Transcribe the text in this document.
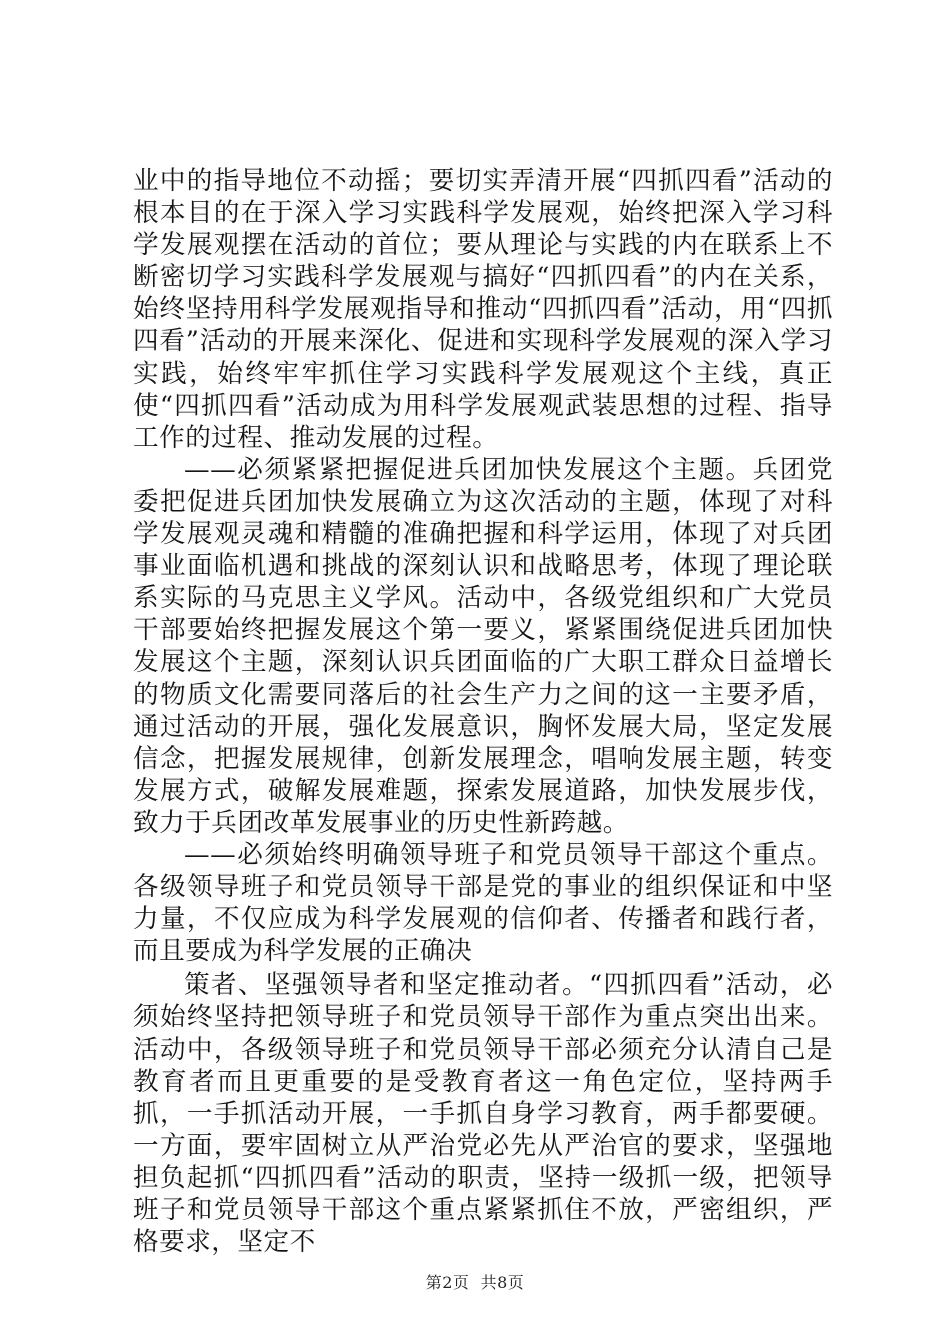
业中的指导地位不动摇；要切实弄清开展“四抓四看”活动的根本目的在于深入学习实践科学发展观，始终把深入学习科学发展观摆在活动的首位；要从理论与实践的内在联系上不断密切学习实践科学发展观与搞好“四抓四看”的内在关系，始终坚持用科学发展观指导和推动“四抓四看”活动，用“四抓四看”活动的开展来深化、促进和实现科学发展观的深入学习实践，始终牢牢抓住学习实践科学发展观这个主线，真正使“四抓四看”活动成为用科学发展观武装思想的过程、指导工作的过程、推动发展的过程。

——必须紧紧把握促进兵团加快发展这个主题。兵团党委把促进兵团加快发展确立为这次活动的主题，体现了对科学发展观灵魂和精髓的准确把握和科学运用，体现了对兵团事业面临机遇和挑战的深刻认识和战略思考，体现了理论联系实际的马克思主义学风。活动中，各级党组织和广大党员干部要始终把握发展这个第一要义，紧紧围绕促进兵团加快发展这个主题，深刻认识兵团面临的广大职工群众日益增长的物质文化需要同落后的社会生产力之间的这一主要矛盾，通过活动的开展，强化发展意识，胸怀发展大局，坚定发展信念，把握发展规律，创新发展理念，唱响发展主题，转变发展方式，破解发展难题，探索发展道路，加快发展步伐，致力于兵团改革发展事业的历史性新跨越。

——必须始终明确领导班子和党员领导干部这个重点。各级领导班子和党员领导干部是党的事业的组织保证和中坚力量，不仅应成为科学发展观的信仰者、传播者和践行者，而且要成为科学发展的正确决

策者、坚强领导者和坚定推动者。“四抓四看”活动，必须始终坚持把领导班子和党员领导干部作为重点突出出来。活动中，各级领导班子和党员领导干部必须充分认清自己是教育者而且更重要的是受教育者这一角色定位，坚持两手抓，一手抓活动开展，一手抓自身学习教育，两手都要硬。一方面，要牢固树立从严治党必先从严治官的要求，坚强地担负起抓“四抓四看”活动的职责，坚持一级抓一级，把领导班子和党员领导干部这个重点紧紧抓住不放，严密组织，严格要求，坚定不

第2页  共8页
